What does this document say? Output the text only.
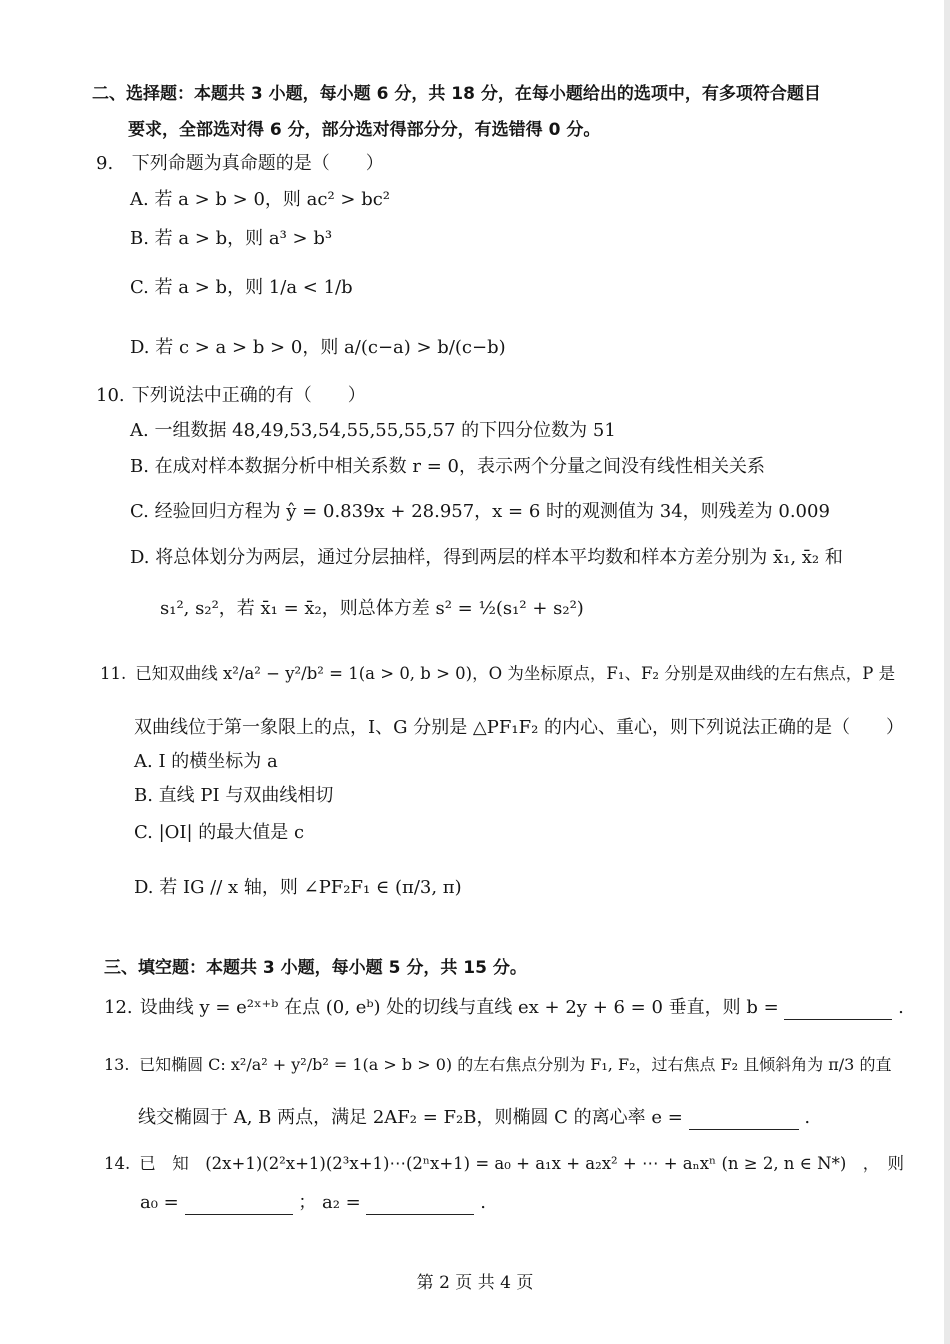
二、选择题：本题共 3 小题，每小题 6 分，共 18 分，在每小题给出的选项中，有多项符合题目
要求，全部选对得 6 分，部分选对得部分分，有选错得 0 分。
9. 下列命题为真命题的是（　　）
A. 若 a > b > 0，则 ac² > bc²
B. 若 a > b，则 a³ > b³
C. 若 a > b，则 1/a < 1/b
D. 若 c > a > b > 0，则 a/(c−a) > b/(c−b)
10. 下列说法中正确的有（　　）
A. 一组数据 48,49,53,54,55,55,55,57 的下四分位数为 51
B. 在成对样本数据分析中相关系数 r = 0，表示两个分量之间没有线性相关关系
C. 经验回归方程为 ŷ = 0.839x + 28.957，x = 6 时的观测值为 34，则残差为 0.009
D. 将总体划分为两层，通过分层抽样，得到两层的样本平均数和样本方差分别为 x̄₁, x̄₂ 和
s₁², s₂²，若 x̄₁ = x̄₂，则总体方差 s² = ½(s₁² + s₂²)
11. 已知双曲线 x²/a² − y²/b² = 1(a > 0, b > 0)，O 为坐标原点，F₁、F₂ 分别是双曲线的左右焦点，P 是
双曲线位于第一象限上的点，I、G 分别是 △PF₁F₂ 的内心、重心，则下列说法正确的是（　　）
A. I 的横坐标为 a
B. 直线 PI 与双曲线相切
C. |OI| 的最大值是 c
D. 若 IG // x 轴，则 ∠PF₂F₁ ∈ (π/3, π)
三、填空题：本题共 3 小题，每小题 5 分，共 15 分。
12. 设曲线 y = e²ˣ⁺ᵇ 在点 (0, eᵇ) 处的切线与直线 ex + 2y + 6 = 0 垂直，则 b =	.
13. 已知椭圆 C: x²/a² + y²/b² = 1(a > b > 0) 的左右焦点分别为 F₁, F₂，过右焦点 F₂ 且倾斜角为 π/3 的直
线交椭圆于 A, B 两点，满足 2AF₂ = F₂B，则椭圆 C 的离心率 e =	.
14. 已　知　(2x+1)(2²x+1)(2³x+1)⋯(2ⁿx+1) = a₀ + a₁x + a₂x² + ⋯ + aₙxⁿ (n ≥ 2, n ∈ N*)　，　则
a₀ =	； a₂ =	.
第 2 页 共 4 页
